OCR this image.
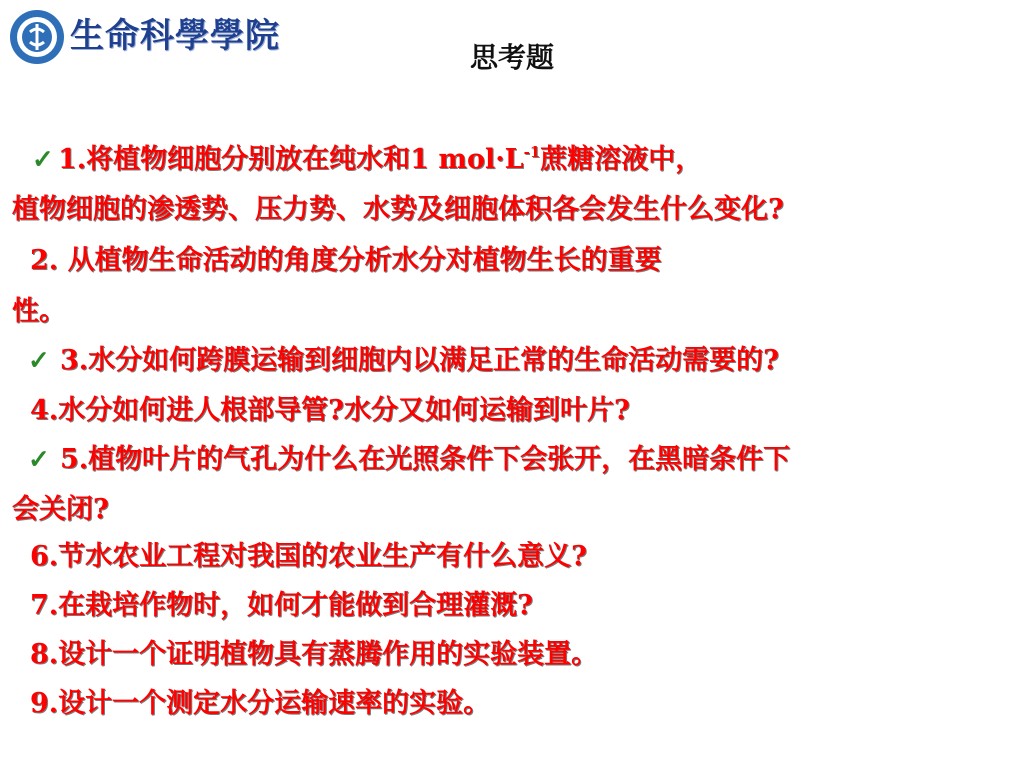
生命科學學院
思考题
✓ 1.将植物细胞分别放在纯水和1 $mol\cdot L^{-1}$蔗糖溶液中，
植物细胞的渗透势、压力势、水势及细胞体积各会发生什么变化?
2. 从植物生命活动的角度分析水分对植物生长的重要
性。
✓ 3.水分如何跨膜运输到细胞内以满足正常的生命活动需要的?
4.水分如何进人根部导管?水分又如何运输到叶片?
✓ 5.植物叶片的气孔为什么在光照条件下会张开，在黑暗条件下
会关闭?
6.节水农业工程对我国的农业生产有什么意义?
7.在栽培作物时，如何才能做到合理灌溉?
8.设计一个证明植物具有蒸腾作用的实验装置。
9.设计一个测定水分运输速率的实验。
